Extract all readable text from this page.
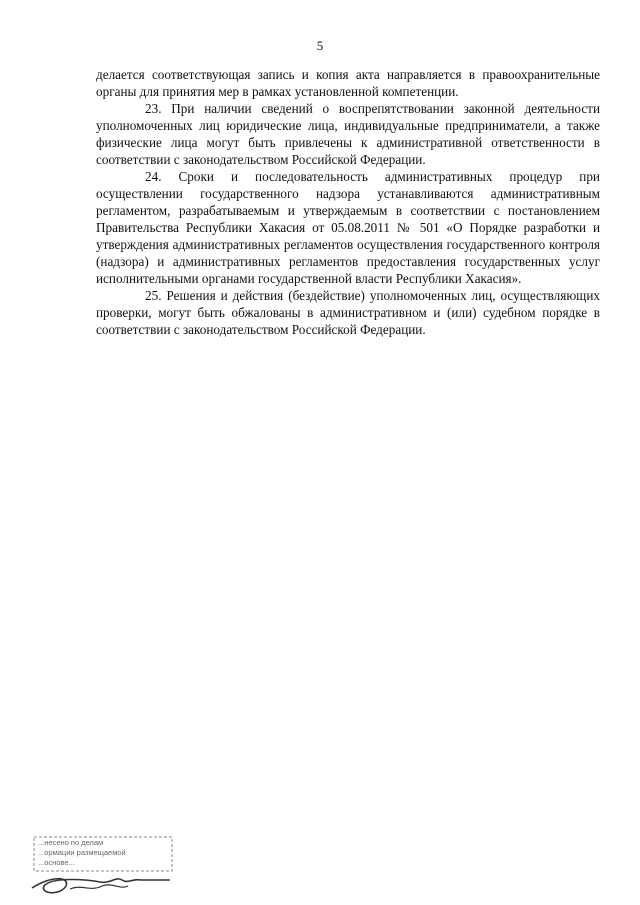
5

делается соответствующая запись и копия акта направляется в правоохранительные органы для принятия мер в рамках установленной компетенции.

23. При наличии сведений о воспрепятствовании законной деятельности уполномоченных лиц юридические лица, индивидуальные предприниматели, а также физические лица могут быть привлечены к административной ответственности в соответствии с законодательством Российской Федерации.

24. Сроки и последовательность административных процедур при осуществлении государственного надзора устанавливаются административным регламентом, разрабатываемым и утверждаемым в соответствии с постановлением Правительства Республики Хакасия от 05.08.2011 № 501 «О Порядке разработки и утверждения административных регламентов осуществления государственного контроля (надзора) и административных регламентов предоставления государственных услуг исполнительными органами государственной власти Республики Хакасия».

25. Решения и действия (бездействие) уполномоченных лиц, осуществляющих проверки, могут быть обжалованы в административном и (или) судебном порядке в соответствии с законодательством Российской Федерации.

...несено по делам
...ормации размещаемой
...основе...
